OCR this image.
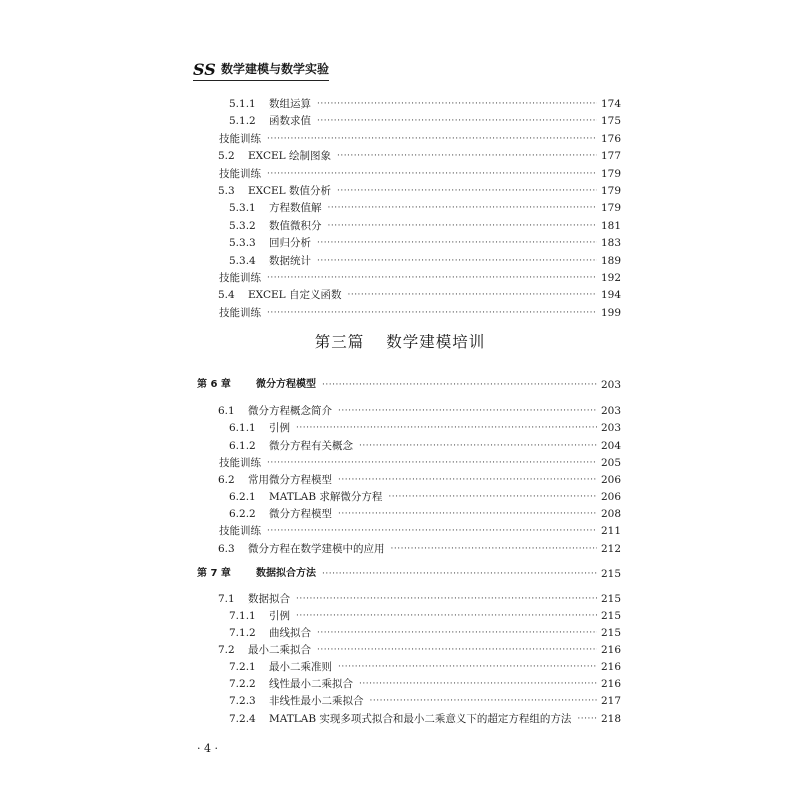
SS 数学建模与数学实验
5.1.1 数组运算 ·····	174
5.1.2 函数求值 ·····	175
技能训练 ·····	176
5.2 EXCEL 绘制图象 ·····	177
技能训练 ·····	179
5.3 EXCEL 数值分析 ·····	179
5.3.1 方程数值解 ·····	179
5.3.2 数值微积分 ·····	181
5.3.3 回归分析 ·····	183
5.3.4 数据统计 ·····	189
技能训练 ·····	192
5.4 EXCEL 自定义函数 ·····	194
技能训练 ·····	199
第三篇 数学建模培训
第 6 章	微分方程模型 ·····	203
6.1 微分方程概念简介 ·····	203
6.1.1 引例 ·····	203
6.1.2 微分方程有关概念 ·····	204
技能训练 ·····	205
6.2 常用微分方程模型 ·····	206
6.2.1 MATLAB 求解微分方程 ·····	206
6.2.2 微分方程模型 ·····	208
技能训练 ·····	211
6.3 微分方程在数学建模中的应用 ·····	212
第 7 章	数据拟合方法 ·····	215
7.1 数据拟合 ·····	215
7.1.1 引例 ·····	215
7.1.2 曲线拟合 ·····	215
7.2 最小二乘拟合 ·····	216
7.2.1 最小二乘准则 ·····	216
7.2.2 线性最小二乘拟合 ·····	216
7.2.3 非线性最小二乘拟合 ·····	217
7.2.4 MATLAB 实现多项式拟合和最小二乘意义下的超定方程组的方法 ·····	218
· 4 ·
